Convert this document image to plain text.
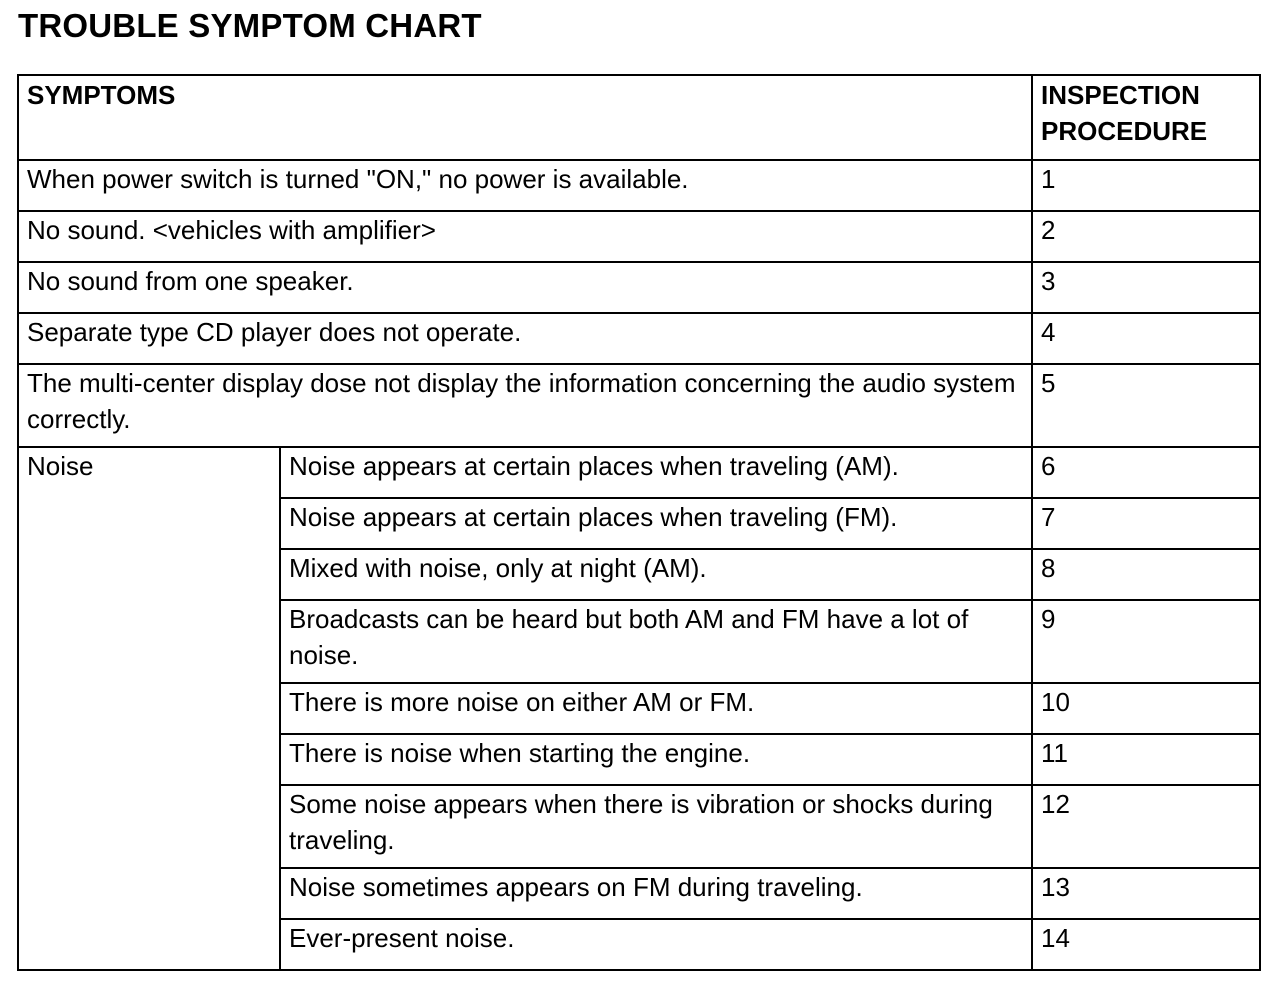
TROUBLE SYMPTOM CHART
SYMPTOMS		INSPECTION PROCEDURE
When power switch is turned "ON," no power is available.		1
No sound. <vehicles with amplifier>		2
No sound from one speaker.		3
Separate type CD player does not operate.		4
The multi-center display dose not display the information concerning the audio system correctly.		5
Noise	Noise appears at certain places when traveling (AM).	6
	Noise appears at certain places when traveling (FM).	7
	Mixed with noise, only at night (AM).	8
	Broadcasts can be heard but both AM and FM have a lot of noise.	9
	There is more noise on either AM or FM.	10
	There is noise when starting the engine.	11
	Some noise appears when there is vibration or shocks during traveling.	12
	Noise sometimes appears on FM during traveling.	13
	Ever-present noise.	14
